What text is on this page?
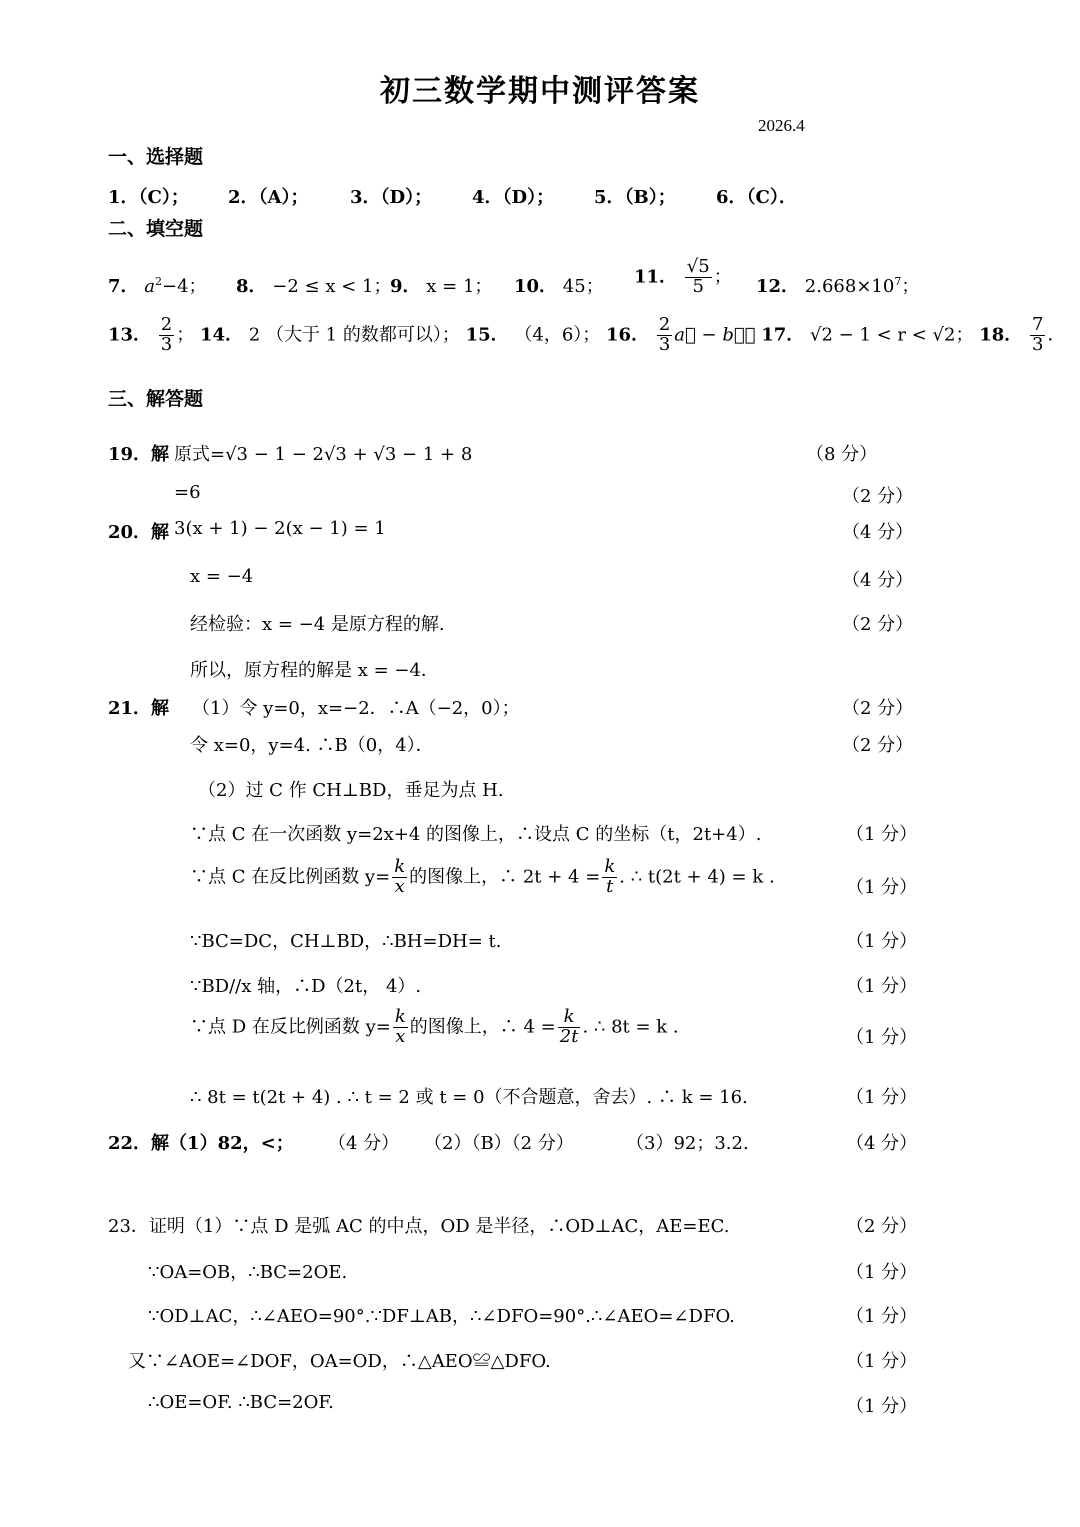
初三数学期中测评答案
2026.4
一、选择题
1．（C）； 2．（A）； 3．（D）； 4．（D）； 5．（B）； 6．（C）．
二、填空题
7． $a^2-4$； 8． −2 ≤ x < 1；
9． x = 1； 10． 45； 11． $\frac{√5}{5}$ ； 12． $2.668\times 10^7$；
13． $\frac{2}{3}$ ； 14． 2 （大于 1 的数都可以）； 15． （4，6）； 16． $\frac{2}{3}$ a⃗ − b⃗； 17． √2 − 1 < r < √2； 18． $\frac{7}{3}$ ．
三、解答题
19．解 原式=√3 − 1 − 2√3 + √3 − 1 + 8	（8 分）
=6	（2 分）
20．解 3(x + 1) − 2(x − 1) = 1	（4 分）
x = −4	（4 分）
经检验：x = −4 是原方程的解.	（2 分）
所以，原方程的解是 x = −4．
21．解 （1）令 y=0，x=−2．∴A（−2，0）；	（2 分）
令 x=0，y=4. ∴B（0，4）．	（2 分）
（2）过 C 作 CH⊥BD，垂足为点 H.
∵点 C 在一次函数 y=2x+4 的图像上，∴设点 C 的坐标（t，2t+4）.	（1 分）
∵点 C 在反比例函数 $y= \frac{k}{x}$ 的图像上，∴ $2t + 4 = \frac{k}{t}$ . ∴ t(2t + 4) = k .
（1 分）
∵BC=DC，CH⊥BD，∴BH=DH= t.	（1 分）
∵BD//x 轴，∴D（2t， 4）.	（1 分）
∵点 D 在反比例函数 $y= \frac{k}{x}$ 的图像上，∴ $4 = \frac{k}{2t}$ . ∴ 8t = k .
（1 分）
∴ 8t = t(2t + 4) . ∴ t = 2 或 t = 0（不合题意，舍去）. ∴ k = 16.	（1 分）
22．解（1）82，<； （4 分） （2）（B）（2 分）	（3）92；3.2.	（4 分）
23．证明（1）∵点 D 是弧 AC 的中点，OD 是半径，∴OD⊥AC，AE=EC.	（2 分）
∵OA=OB，∴BC=2OE.	（1 分）
∵OD⊥AC，∴∠AEO=90°.∵DF⊥AB，∴∠DFO=90°.∴∠AEO=∠DFO.	（1 分）
又∵∠AOE=∠DOF，OA=OD，∴△AEO≌△DFO.	（1 分）
∴OE=OF. ∴BC=2OF.	（1 分）
